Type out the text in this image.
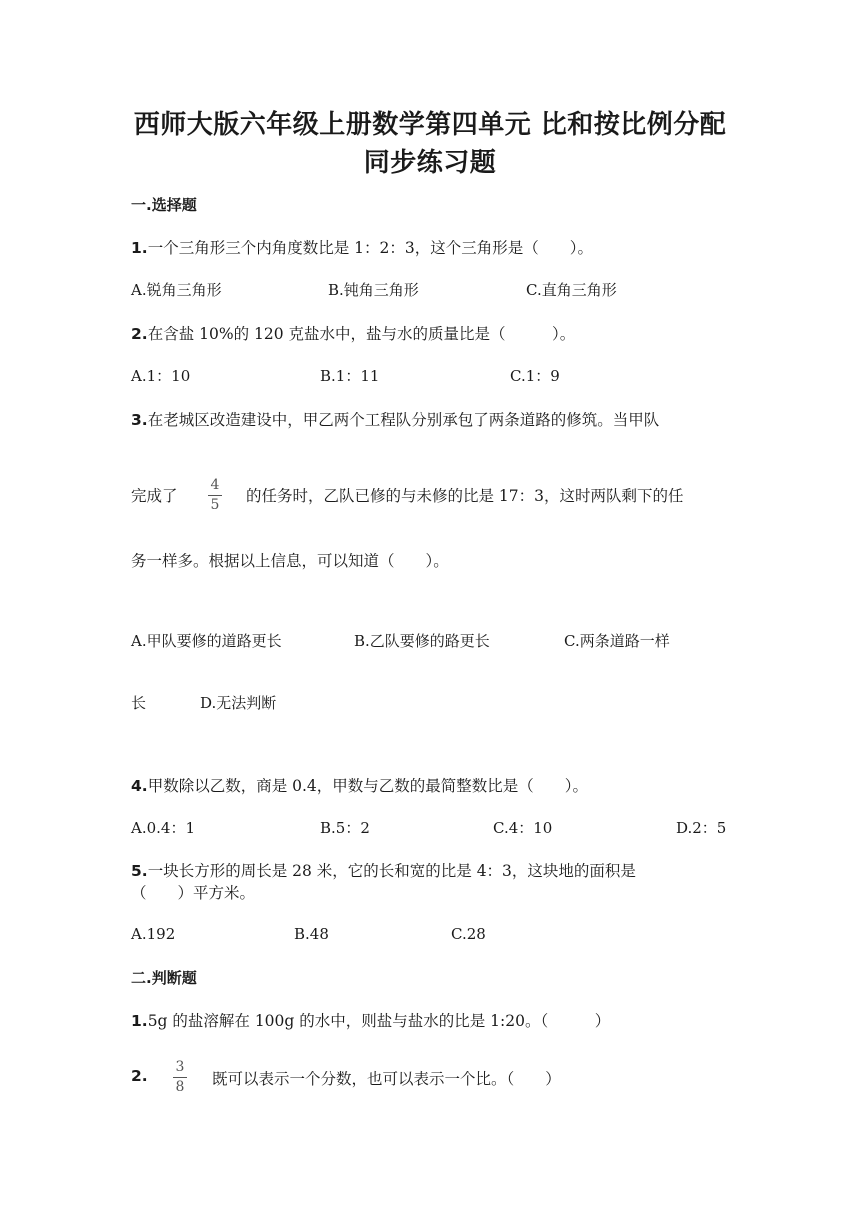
西师大版六年级上册数学第四单元 比和按比例分配
同步练习题
一.选择题
1.一个三角形三个内角度数比是 1：2：3，这个三角形是（　　）。
A.锐角三角形	B.钝角三角形	C.直角三角形
2.在含盐 10%的 120 克盐水中，盐与水的质量比是（　　　）。
A.1：10	B.1：11	C.1：9
3.在老城区改造建设中，甲乙两个工程队分别承包了两条道路的修筑。当甲队
完成了
4
5 的任务时，乙队已修的与未修的比是 17：3，这时两队剩下的任
务一样多。根据以上信息，可以知道（　　）。
A.甲队要修的道路更长	B.乙队要修的路更长	C.两条道路一样
长	D.无法判断
4.甲数除以乙数，商是 0.4，甲数与乙数的最简整数比是（　　）。
A.0.4：1	B.5：2	C.4：10	D.2：5
5.一块长方形的周长是 28 米，它的长和宽的比是 4：3，这块地的面积是
（　　）平方米。
A.192	B.48	C.28
二.判断题
1.5g 的盐溶解在 100g 的水中，则盐与盐水的比是 1:20。（　　　）
2. 3
8 既可以表示一个分数，也可以表示一个比。（　　）
